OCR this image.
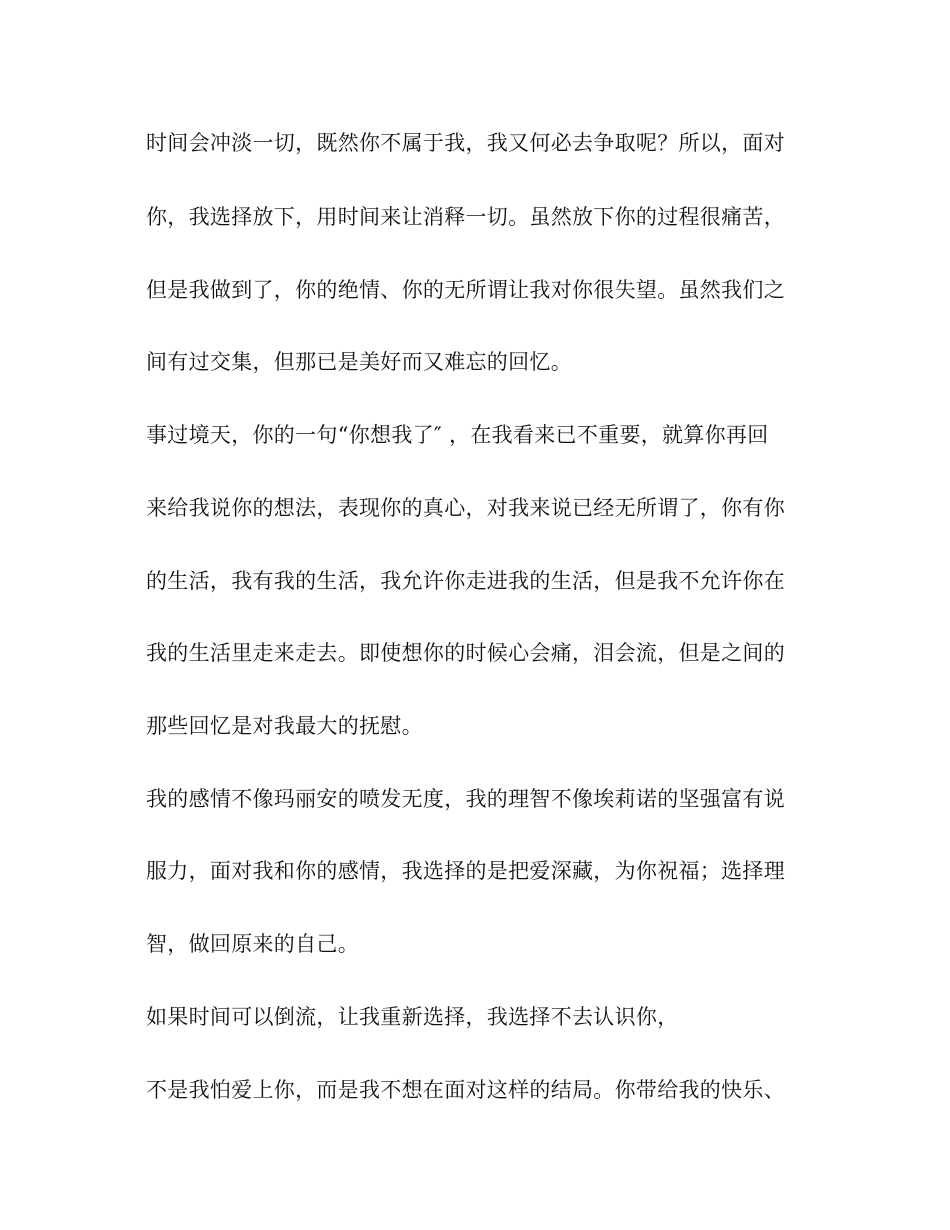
时间会冲淡一切，既然你不属于我，我又何必去争取呢？所以，面对
你，我选择放下，用时间来让消释一切。虽然放下你的过程很痛苦，
但是我做到了，你的绝情、你的无所谓让我对你很失望。虽然我们之
间有过交集，但那已是美好而又难忘的回忆。
事过境天，你的一句“你想我了″ ，在我看来已不重要，就算你再回
来给我说你的想法，表现你的真心，对我来说已经无所谓了，你有你
的生活，我有我的生活，我允许你走进我的生活，但是我不允许你在
我的生活里走来走去。即使想你的时候心会痛，泪会流，但是之间的
那些回忆是对我最大的抚慰。
我的感情不像玛丽安的喷发无度，我的理智不像埃莉诺的坚强富有说
服力，面对我和你的感情，我选择的是把爱深藏，为你祝福；选择理
智，做回原来的自己。
如果时间可以倒流，让我重新选择，我选择不去认识你，
不是我怕爱上你，而是我不想在面对这样的结局。你带给我的快乐、
